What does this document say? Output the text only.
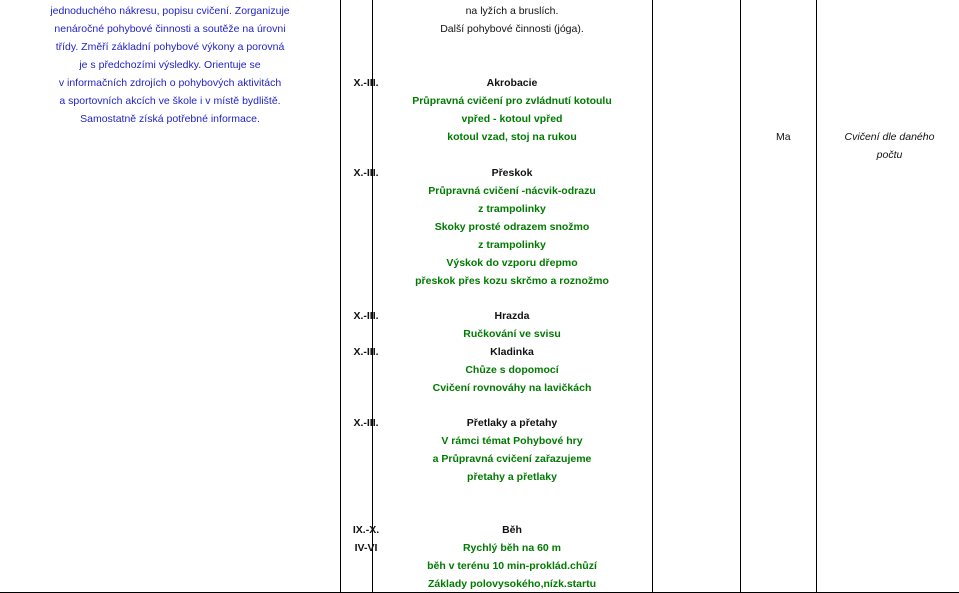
jednoduchého nákresu, popisu cvičení. Zorganizuje
nenáročné pohybové činnosti a soutěže na úrovni
třídy. Změří základní pohybové výkony a porovná
je s předchozími výsledky. Orientuje se
v informačních zdrojích o pohybových aktivitách
a sportovních akcích ve škole i v místě bydliště.
Samostatně získá potřebné informace.
X.-III.
X.-III.
X.-III.
X.-III.
X.-III.
IX.-X.
IV-VI
na lyžích a bruslích.
Další pohybové činnosti (jóga).
Akrobacie
Průpravná cvičení pro zvládnutí kotoulu
vpřed - kotoul vpřed
kotoul vzad, stoj na rukou
Přeskok
Průpravná cvičení -nácvik-odrazu
z trampolinky
Skoky prosté odrazem snožmo
z trampolinky
Výskok do vzporu dřepmo
přeskok přes kozu skrčmo a roznožmo
Hrazda
Ručkování ve svisu
Kladinka
Chůze s dopomocí
Cvičení rovnováhy na lavičkách
Přetlaky a přetahy
V rámci témat Pohybové hry
a Průpravná cvičení zařazujeme
přetahy a přetlaky
Běh
Rychlý běh na 60 m
běh v terénu 10 min-prokl‌ád.chůzí
Základy polovysokého,nízk.startu
Ma	Cvičení dle daného
počtu
